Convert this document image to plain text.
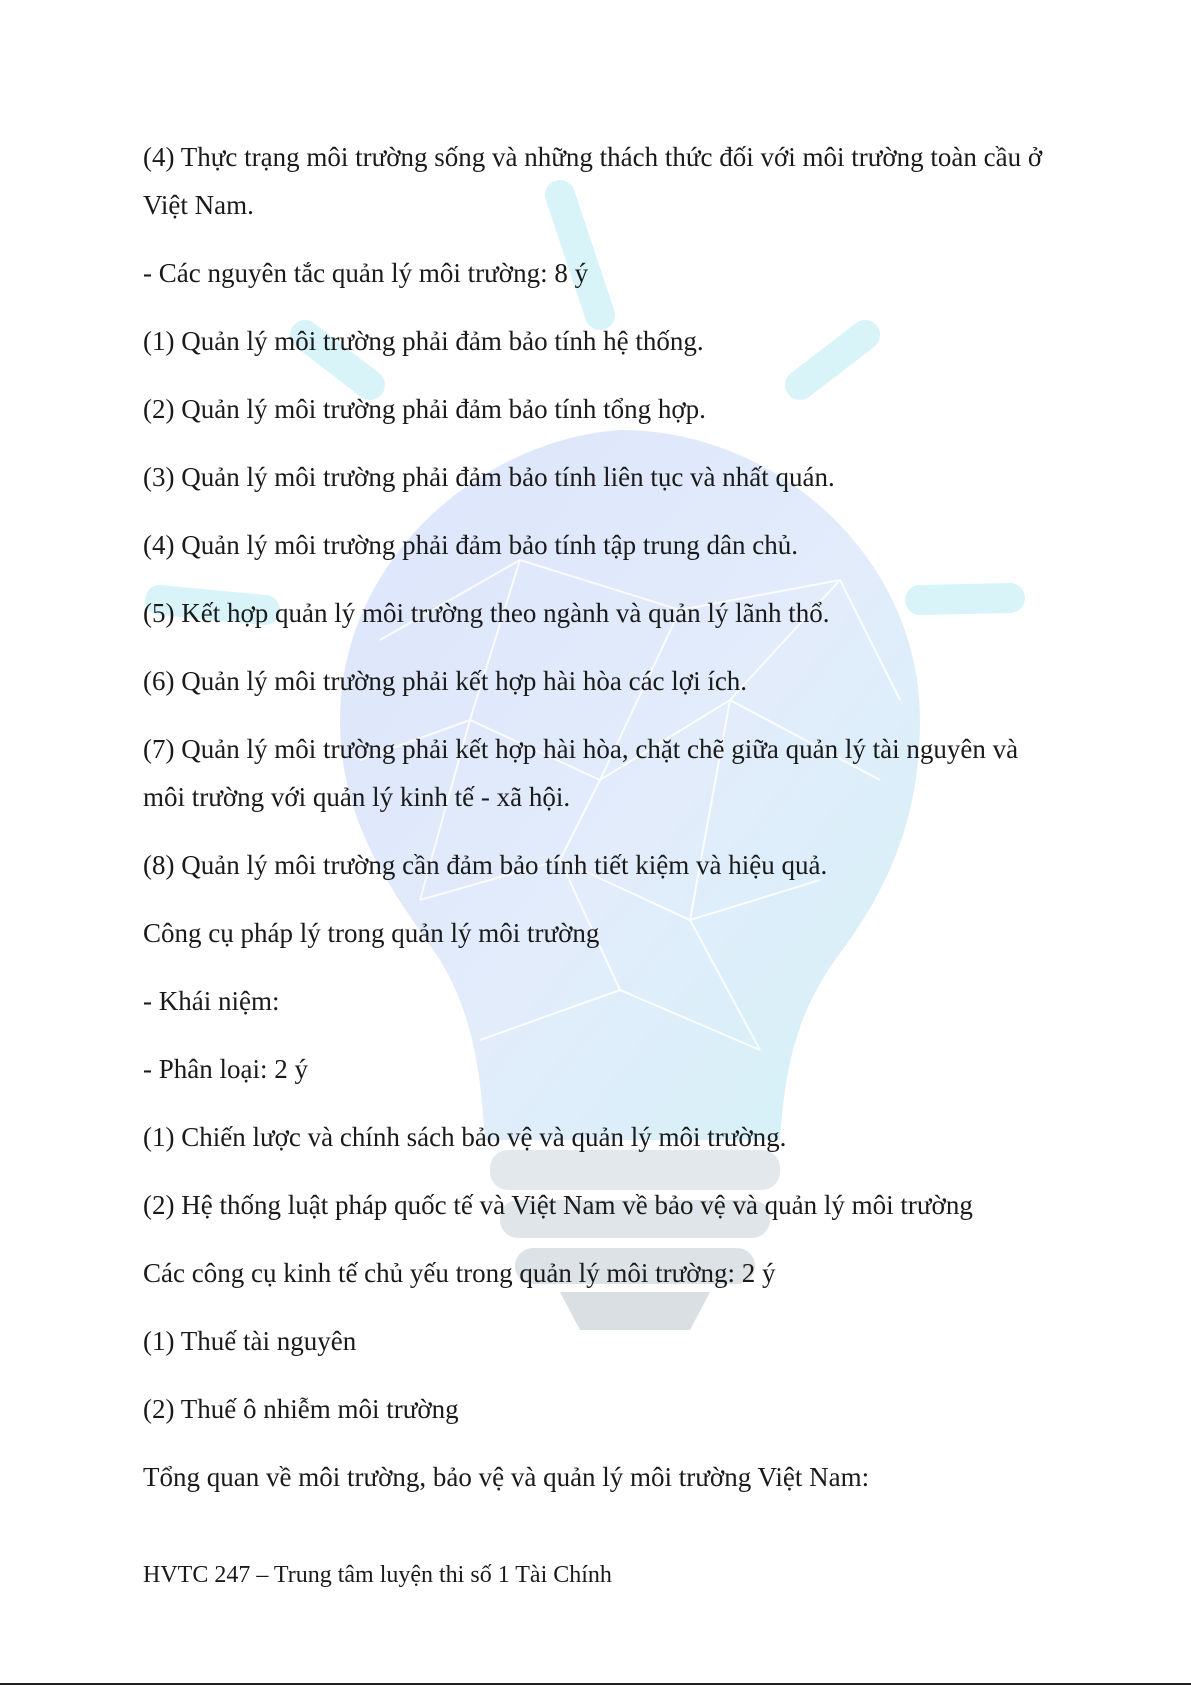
(4) Thực trạng môi trường sống và những thách thức đối với môi trường toàn cầu ở Việt Nam.

- Các nguyên tắc quản lý môi trường: 8 ý

(1) Quản lý môi trường phải đảm bảo tính hệ thống.

(2) Quản lý môi trường phải đảm bảo tính tổng hợp.

(3) Quản lý môi trường phải đảm bảo tính liên tục và nhất quán.

(4) Quản lý môi trường phải đảm bảo tính tập trung dân chủ.

(5) Kết hợp quản lý môi trường theo ngành và quản lý lãnh thổ.

(6) Quản lý môi trường phải kết hợp hài hòa các lợi ích.

(7) Quản lý môi trường phải kết hợp hài hòa, chặt chẽ giữa quản lý tài nguyên và môi trường với quản lý kinh tế - xã hội.

(8) Quản lý môi trường cần đảm bảo tính tiết kiệm và hiệu quả.

Công cụ pháp lý trong quản lý môi trường

- Khái niệm:

- Phân loại: 2 ý

(1) Chiến lược và chính sách bảo vệ và quản lý môi trường.

(2) Hệ thống luật pháp quốc tế và Việt Nam về bảo vệ và quản lý môi trường

Các công cụ kinh tế chủ yếu trong quản lý môi trường: 2 ý

(1) Thuế tài nguyên

(2) Thuế ô nhiễm môi trường

Tổng quan về môi trường, bảo vệ và quản lý môi trường Việt Nam:

HVTC 247 – Trung tâm luyện thi số 1 Tài Chính
